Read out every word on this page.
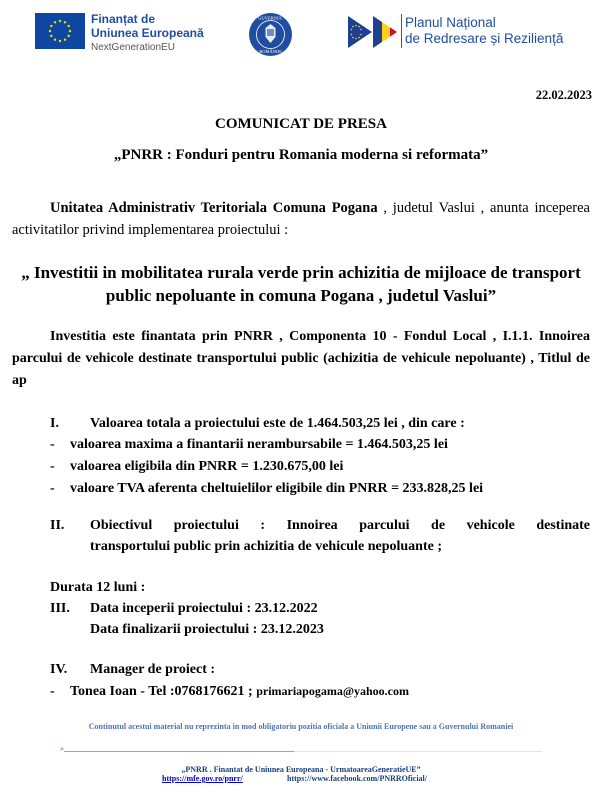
Finanțat de
Uniunea Europeană
NextGenerationEU
GUVERNUL
ROMÂNIEI
Planul Național
de Redresare și Reziliență
22.02.2023
COMUNICAT DE PRESA
„PNRR : Fonduri pentru Romania moderna si reformata”
Unitatea Administrativ Teritoriala Comuna Pogana , judetul Vaslui , anunta inceperea activitatilor privind implementarea proiectului :
„ Investitii in mobilitatea rurala verde prin achizitia de mijloace de transport public nepoluante in comuna Pogana , judetul Vaslui”
Investitia este finantata prin PNRR , Componenta 10 - Fondul Local , I.1.1. Innoirea parcului de vehicole destinate transportului public (achizitia de vehicule nepoluante) , Titlul de ap
I. Valoarea totala a proiectului este de 1.464.503,25 lei , din care :
- valoarea maxima a finantarii nerambursabile = 1.464.503,25 lei
- valoarea eligibila din PNRR = 1.230.675,00 lei
- valoare TVA aferenta cheltuielilor eligibile din PNRR = 233.828,25 lei
II. Obiectivul proiectului : Innoirea parcului de vehicole destinate
transportului public prin achizitia de vehicule nepoluante ;
Durata 12 luni :
III. Data inceperii proiectului : 23.12.2022
Data finalizarii proiectului : 23.12.2023
IV. Manager de proiect :
- Tonea Ioan - Tel :0768176621 ; primariapogama@yahoo.com
Continutul acestui material nu reprezinta in mod obligatoriu pozitia oficiala a Uniunii Europene sau a Guvernului Romaniei
»
„PNRR . Finantat de Uniunea Europeana - UrmatoareaGeneratieUE”
https://mfe.gov.ro/pnrr/	https://www.facebook.com/PNRROficial/
